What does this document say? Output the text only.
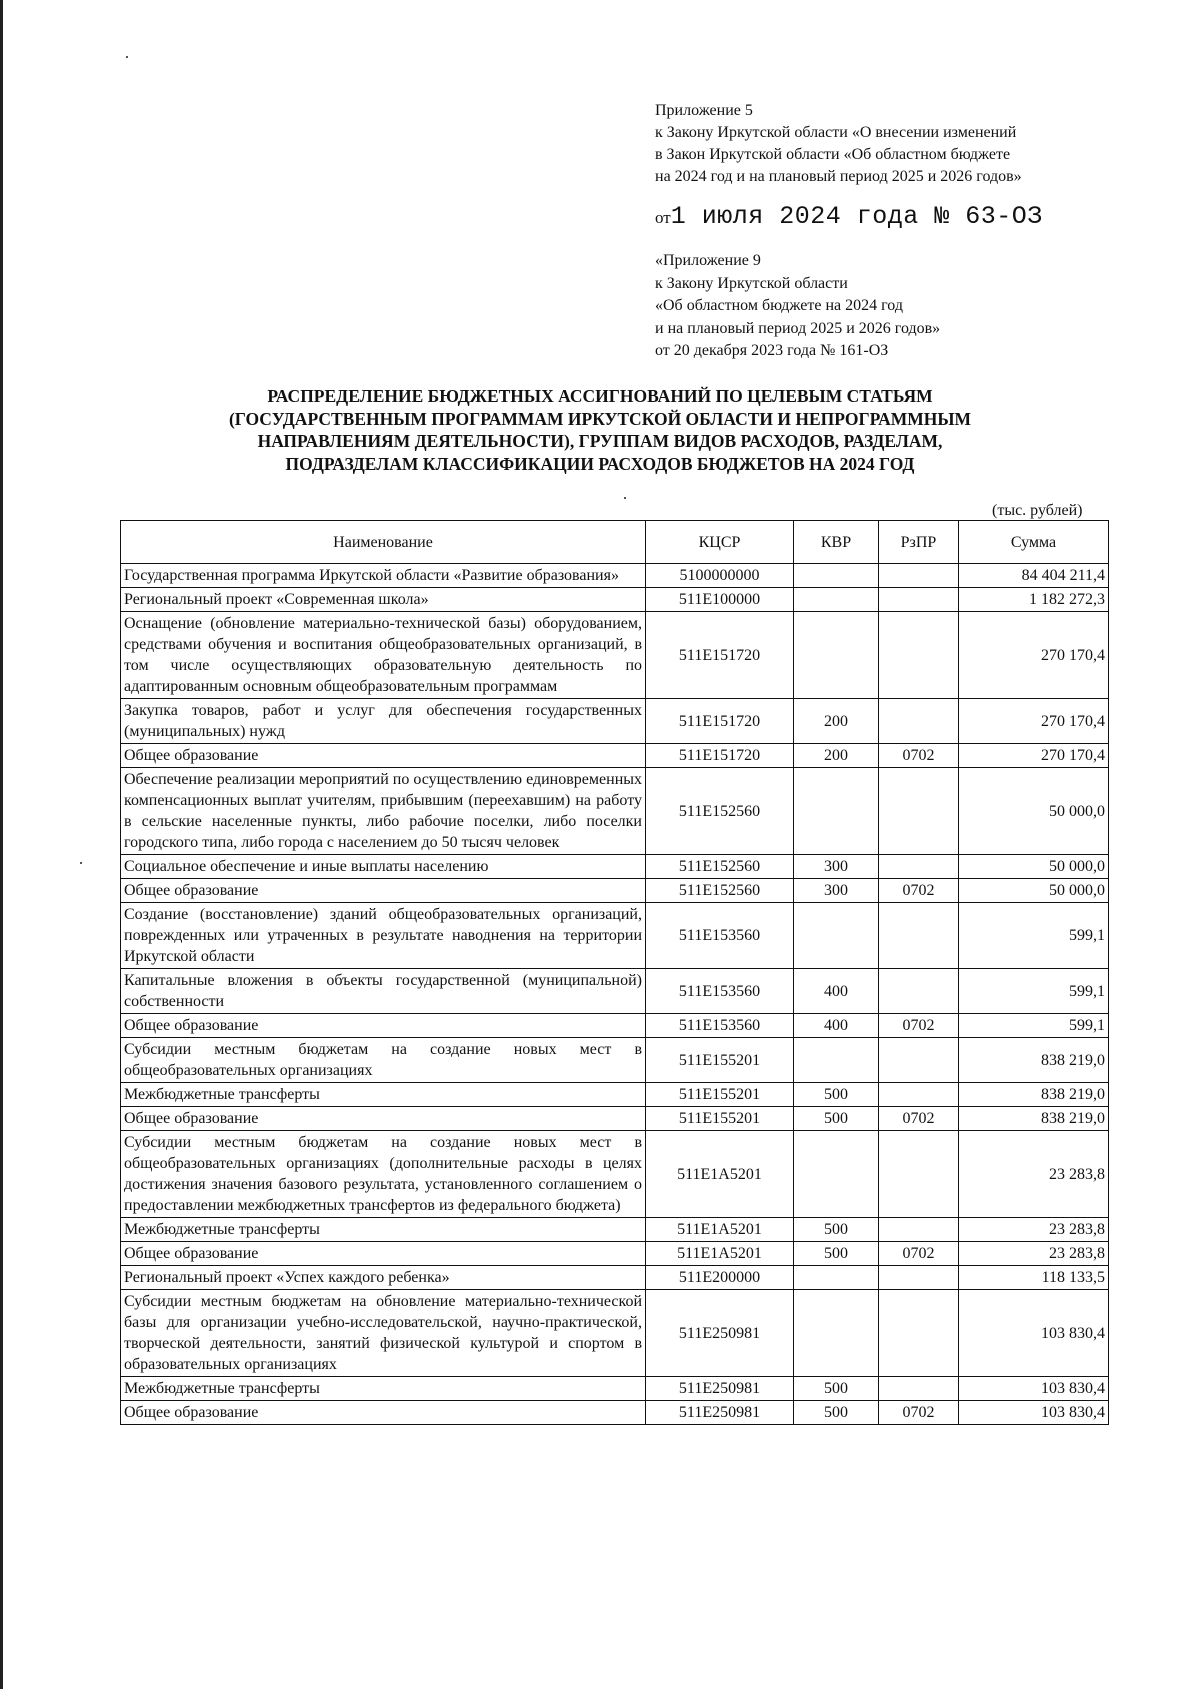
Приложение 5
к Закону Иркутской области «О внесении изменений
в Закон Иркутской области «Об областном бюджете
на 2024 год и на плановый период 2025 и 2026 годов»
от1 июля 2024 года № 63-ОЗ
«Приложение 9
к Закону Иркутской области
«Об областном бюджете на 2024 год
и на плановый период 2025 и 2026 годов»
от 20 декабря 2023 года № 161-ОЗ
РАСПРЕДЕЛЕНИЕ БЮДЖЕТНЫХ АССИГНОВАНИЙ ПО ЦЕЛЕВЫМ СТАТЬЯМ
(ГОСУДАРСТВЕННЫМ ПРОГРАММАМ ИРКУТСКОЙ ОБЛАСТИ И НЕПРОГРАММНЫМ
НАПРАВЛЕНИЯМ ДЕЯТЕЛЬНОСТИ), ГРУППАМ ВИДОВ РАСХОДОВ, РАЗДЕЛАМ,
ПОДРАЗДЕЛАМ КЛАССИФИКАЦИИ РАСХОДОВ БЮДЖЕТОВ НА 2024 ГОД
(тыс. рублей)
Наименование	КЦСР	КВР	РзПР	Сумма
Государственная программа Иркутской области «Развитие образования»	5100000000			84 404 211,4
Региональный проект «Современная школа»	511E100000			1 182 272,3
Оснащение (обновление материально-технической базы) оборудованием, средствами обучения и воспитания общеобразовательных организаций, в том числе осуществляющих образовательную деятельность по адаптированным основным общеобразовательным программам	511E151720			270 170,4
Закупка товаров, работ и услуг для обеспечения государственных (муниципальных) нужд	511E151720	200		270 170,4
Общее образование	511E151720	200	0702	270 170,4
Обеспечение реализации мероприятий по осуществлению единовременных компенсационных выплат учителям, прибывшим (переехавшим) на работу в сельские населенные пункты, либо рабочие поселки, либо поселки городского типа, либо города с населением до 50 тысяч человек	511E152560			50 000,0
Социальное обеспечение и иные выплаты населению	511E152560	300		50 000,0
Общее образование	511E152560	300	0702	50 000,0
Создание (восстановление) зданий общеобразовательных организаций, поврежденных или утраченных в результате наводнения на территории Иркутской области	511E153560			599,1
Капитальные вложения в объекты государственной (муниципальной) собственности	511E153560	400		599,1
Общее образование	511E153560	400	0702	599,1
Субсидии местным бюджетам на создание новых мест в общеобразовательных организациях	511E155201			838 219,0
Межбюджетные трансферты	511E155201	500		838 219,0
Общее образование	511E155201	500	0702	838 219,0
Субсидии местным бюджетам на создание новых мест в общеобразовательных организациях (дополнительные расходы в целях достижения значения базового результата, установленного соглашением о предоставлении межбюджетных трансфертов из федерального бюджета)	511E1A5201			23 283,8
Межбюджетные трансферты	511E1A5201	500		23 283,8
Общее образование	511E1A5201	500	0702	23 283,8
Региональный проект «Успех каждого ребенка»	511E200000			118 133,5
Субсидии местным бюджетам на обновление материально-технической базы для организации учебно-исследовательской, научно-практической, творческой деятельности, занятий физической культурой и спортом в образовательных организациях	511E250981			103 830,4
Межбюджетные трансферты	511E250981	500		103 830,4
Общее образование	511E250981	500	0702	103 830,4
